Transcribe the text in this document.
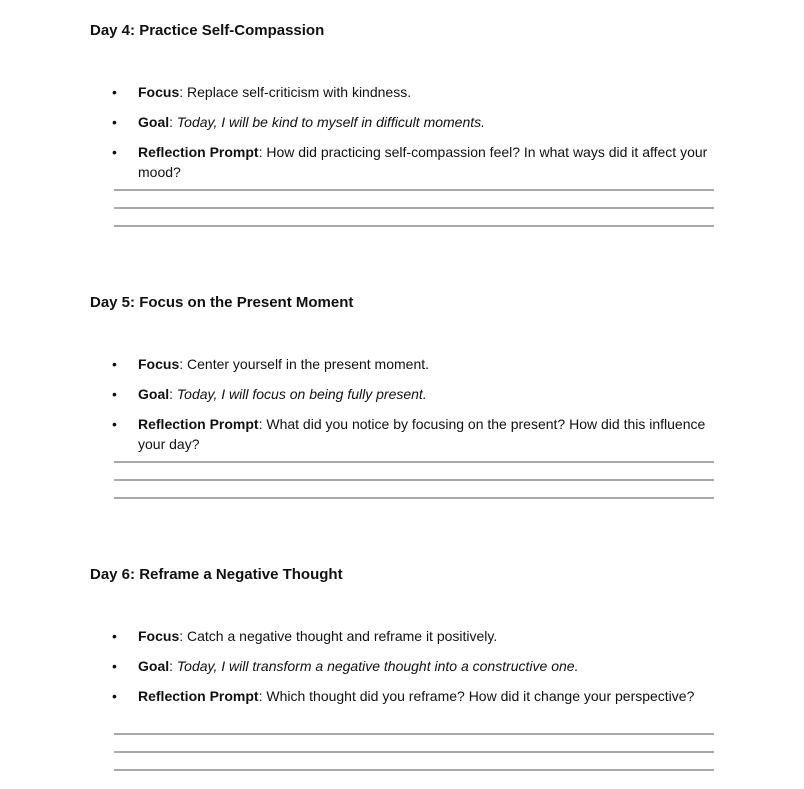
Day 4: Practice Self-Compassion
• Focus: Replace self-criticism with kindness.
• Goal: Today, I will be kind to myself in difficult moments.
• Reflection Prompt: How did practicing self-compassion feel? In what ways did it affect your mood?
Day 5: Focus on the Present Moment
• Focus: Center yourself in the present moment.
• Goal: Today, I will focus on being fully present.
• Reflection Prompt: What did you notice by focusing on the present? How did this influence your day?
Day 6: Reframe a Negative Thought
• Focus: Catch a negative thought and reframe it positively.
• Goal: Today, I will transform a negative thought into a constructive one.
• Reflection Prompt: Which thought did you reframe? How did it change your perspective?
